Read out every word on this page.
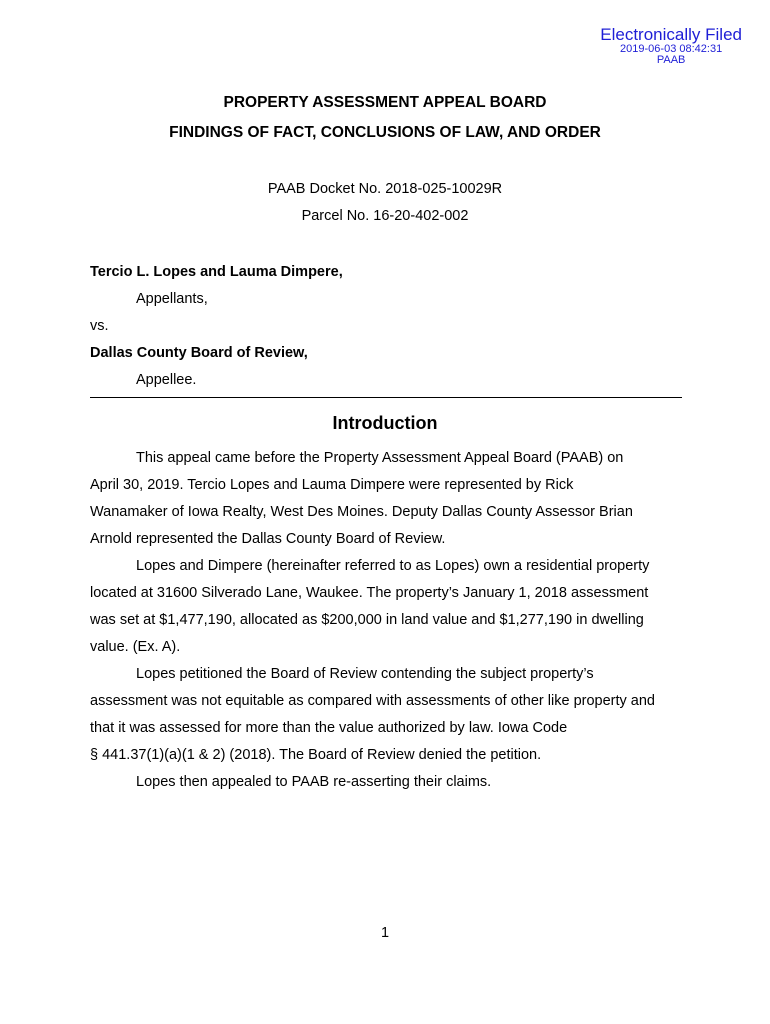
Electronically Filed
2019-06-03 08:42:31
PAAB
PROPERTY ASSESSMENT APPEAL BOARD
FINDINGS OF FACT, CONCLUSIONS OF LAW, AND ORDER
PAAB Docket No. 2018-025-10029R
Parcel No. 16-20-402-002
Tercio L. Lopes and Lauma Dimpere,
Appellants,
vs.
Dallas County Board of Review,
Appellee.
Introduction

This appeal came before the Property Assessment Appeal Board (PAAB) on
April 30, 2019. Tercio Lopes and Lauma Dimpere were represented by Rick
Wanamaker of Iowa Realty, West Des Moines. Deputy Dallas County Assessor Brian
Arnold represented the Dallas County Board of Review.

Lopes and Dimpere (hereinafter referred to as Lopes) own a residential property
located at 31600 Silverado Lane, Waukee. The property’s January 1, 2018 assessment
was set at $1,477,190, allocated as $200,000 in land value and $1,277,190 in dwelling
value. (Ex. A).

Lopes petitioned the Board of Review contending the subject property’s
assessment was not equitable as compared with assessments of other like property and
that it was assessed for more than the value authorized by law. Iowa Code
§ 441.37(1)(a)(1 & 2) (2018). The Board of Review denied the petition.

Lopes then appealed to PAAB re-asserting their claims.

1
